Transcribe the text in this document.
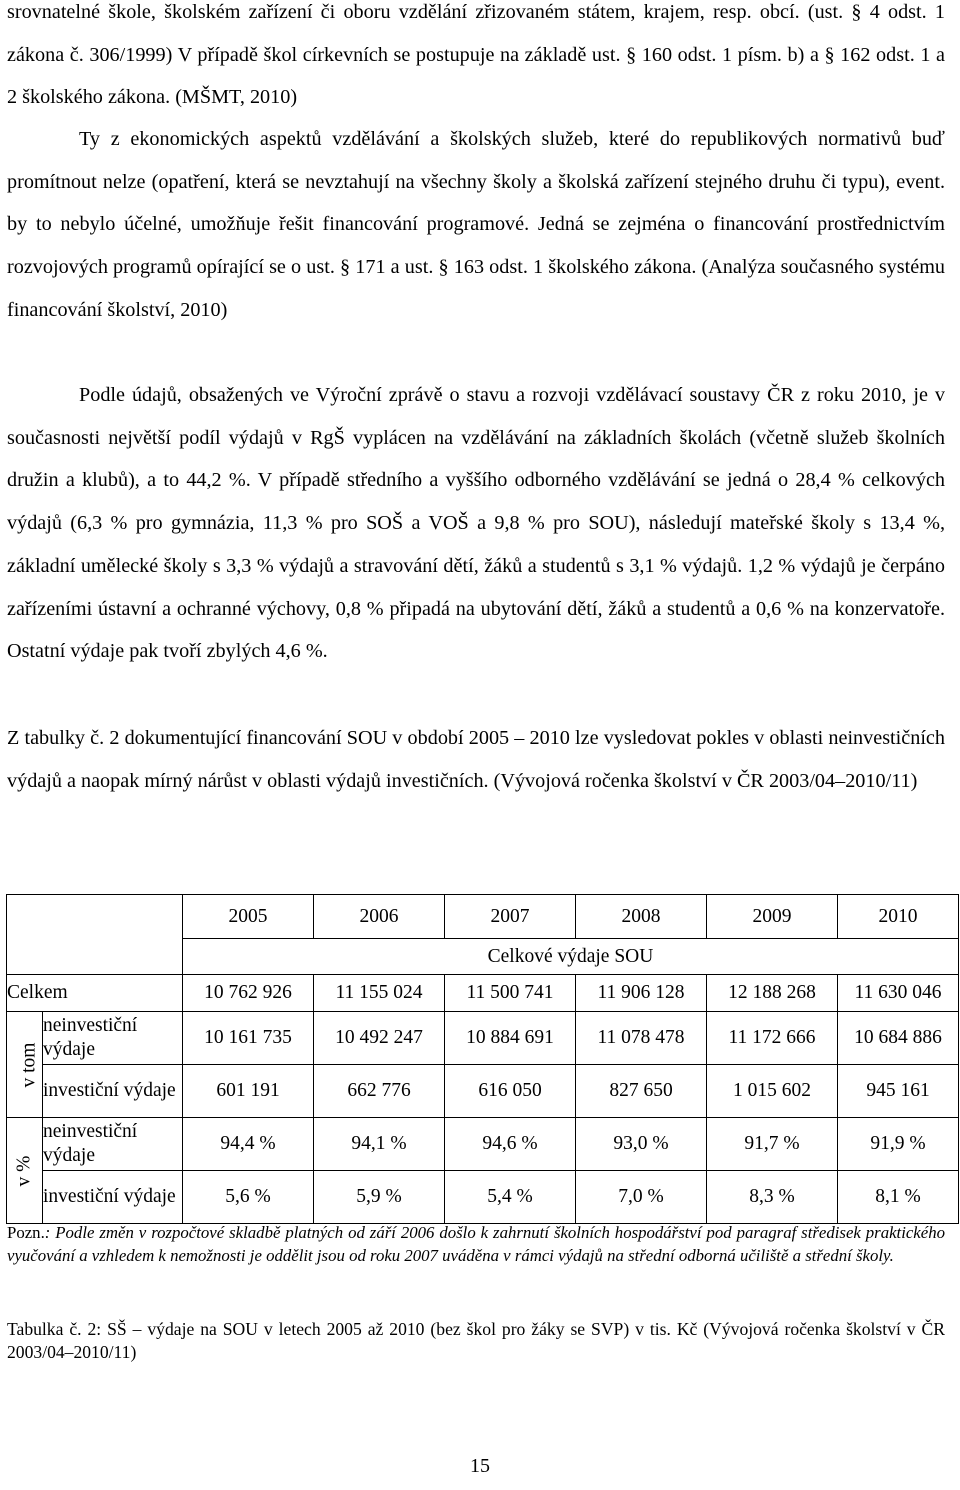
srovnatelné škole, školském zařízení či oboru vzdělání zřizovaném státem, krajem, resp. obcí. (ust. § 4 odst. 1 zákona č. 306/1999) V případě škol církevních se postupuje na základě ust. § 160 odst. 1 písm. b) a § 162 odst. 1 a 2 školského zákona. (MŠMT, 2010)

Ty z ekonomických aspektů vzdělávání a školských služeb, které do republikových normativů buď promítnout nelze (opatření, která se nevztahují na všechny školy a školská zařízení stejného druhu či typu), event. by to nebylo účelné, umožňuje řešit financování programové. Jedná se zejména o financování prostřednictvím rozvojových programů opírající se o ust. § 171 a ust. § 163 odst. 1 školského zákona. (Analýza současného systému financování školství, 2010)

Podle údajů, obsažených ve Výroční zprávě o stavu a rozvoji vzdělávací soustavy ČR z roku 2010, je v současnosti největší podíl výdajů v RgŠ vyplácen na vzdělávání na základních školách (včetně služeb školních družin a klubů), a to 44,2 %. V případě středního a vyššího odborného vzdělávání se jedná o 28,4 % celkových výdajů (6,3 % pro gymnázia, 11,3 % pro SOŠ a VOŠ a 9,8 % pro SOU), následují mateřské školy s 13,4 %, základní umělecké školy s 3,3 % výdajů a stravování dětí, žáků a studentů s 3,1 % výdajů. 1,2 % výdajů je čerpáno zařízeními ústavní a ochranné výchovy, 0,8 % připadá na ubytování dětí, žáků a studentů a 0,6 % na konzervatoře. Ostatní výdaje pak tvoří zbylých 4,6 %.

Z tabulky č. 2 dokumentující financování SOU v období 2005 – 2010 lze vysledovat pokles v oblasti neinvestičních výdajů a naopak mírný nárůst v oblasti výdajů investičních. (Vývojová ročenka školství v ČR 2003/04–2010/11)

		2005	2006	2007	2008	2009	2010
		Celkové výdaje SOU					
Celkem		10 762 926	11 155 024	11 500 741	11 906 128	12 188 268	11 630 046
v tom	neinvestiční výdaje	10 161 735	10 492 247	10 884 691	11 078 478	11 172 666	10 684 886
	investiční výdaje	601 191	662 776	616 050	827 650	1 015 602	945 161
v %	neinvestiční výdaje	94,4 %	94,1 %	94,6 %	93,0 %	91,7 %	91,9 %
	investiční výdaje	5,6 %	5,9 %	5,4 %	7,0 %	8,3 %	8,1 %

Pozn.: Podle změn v rozpočtové skladbě platných od září 2006 došlo k zahrnutí školních hospodářství pod paragraf středisek praktického vyučování a vzhledem k nemožnosti je oddělit jsou od roku 2007 uváděna v rámci výdajů na střední odborná učiliště a střední školy.

Tabulka č. 2: SŠ – výdaje na SOU v letech 2005 až 2010 (bez škol pro žáky se SVP) v tis. Kč (Vývojová ročenka školství v ČR 2003/04–2010/11)

15
